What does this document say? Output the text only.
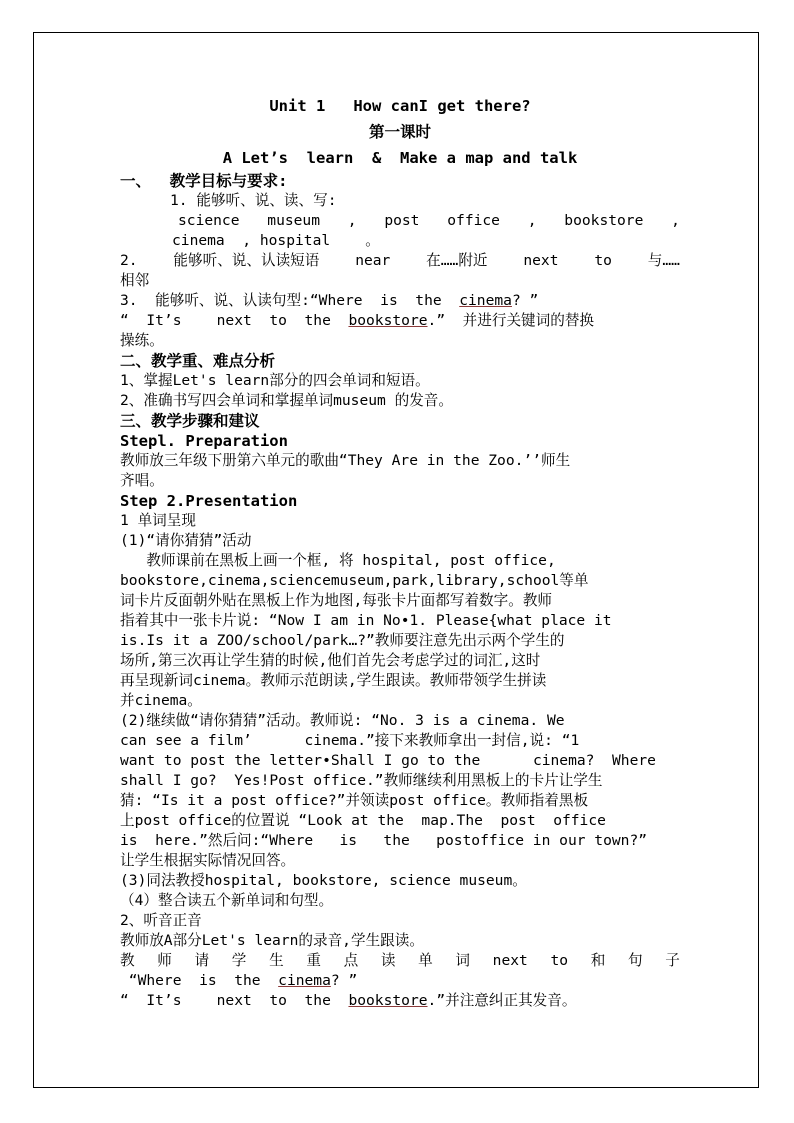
Unit 1   How canI get there?
第一课时
A Let’s  learn  &  Make a map and talk
一、  教学目标与要求:
1. 能够听、说、读、写:
science museum , post office , bookstore ,
cinema  , hospital    。
2. 能够听、说、认读短语 near 在……附近 next to 与……
相邻
3.  能够听、说、认读句型:“Where  is  the  cinema? ”
“  It’s    next  to  the  bookstore.”  并进行关键词的替换
操练。
二、教学重、难点分析
1、掌握Let's learn部分的四会单词和短语。
2、准确书写四会单词和掌握单词museum 的发音。
三、教学步骤和建议
Stepl. Preparation
教师放三年级下册第六单元的歌曲“They Are in the Zoo.’’师生
齐唱。
Step 2.Presentation
1 单词呈现
(1)“请你猜猜”活动
教师课前在黑板上画一个框, 将 hospital, post office,
bookstore,cinema,sciencemuseum,park,library,school等单
词卡片反面朝外贴在黑板上作为地图,每张卡片面都写着数字。教师
指着其中一张卡片说: “Now I am in No•1. Please{what place it
is.Is it a ZOO/school/park…?”教师要注意先出示两个学生的
场所,第三次再让学生猜的时候,他们首先会考虑学过的词汇,这时
再呈现新词cinema。教师示范朗读,学生跟读。教师带领学生拼读
并cinema。
(2)继续做“请你猜猜”活动。教师说: “No. 3 is a cinema. We
can see a film’      cinema.”接下来教师拿出一封信,说: “1
want to post the letter•Shall I go to the      cinema?  Where
shall I go?  Yes!Post office.”教师继续利用黑板上的卡片让学生
猜: “Is it a post office?”并领读post office。教师指着黑板
上post office的位置说 “Look at the  map.The  post  office
is  here.”然后问:“Where   is   the   postoffice in our town?”
让学生根据实际情况回答。
(3)同法教授hospital, bookstore, science museum。
（4）整合读五个新单词和句型。
2、听音正音
教师放A部分Let's learn的录音,学生跟读。
教 师 请 学 生 重 点 读 单 词 next to 和 句 子
“Where  is  the  cinema? ”
“  It’s    next  to  the  bookstore.”并注意纠正其发音。
